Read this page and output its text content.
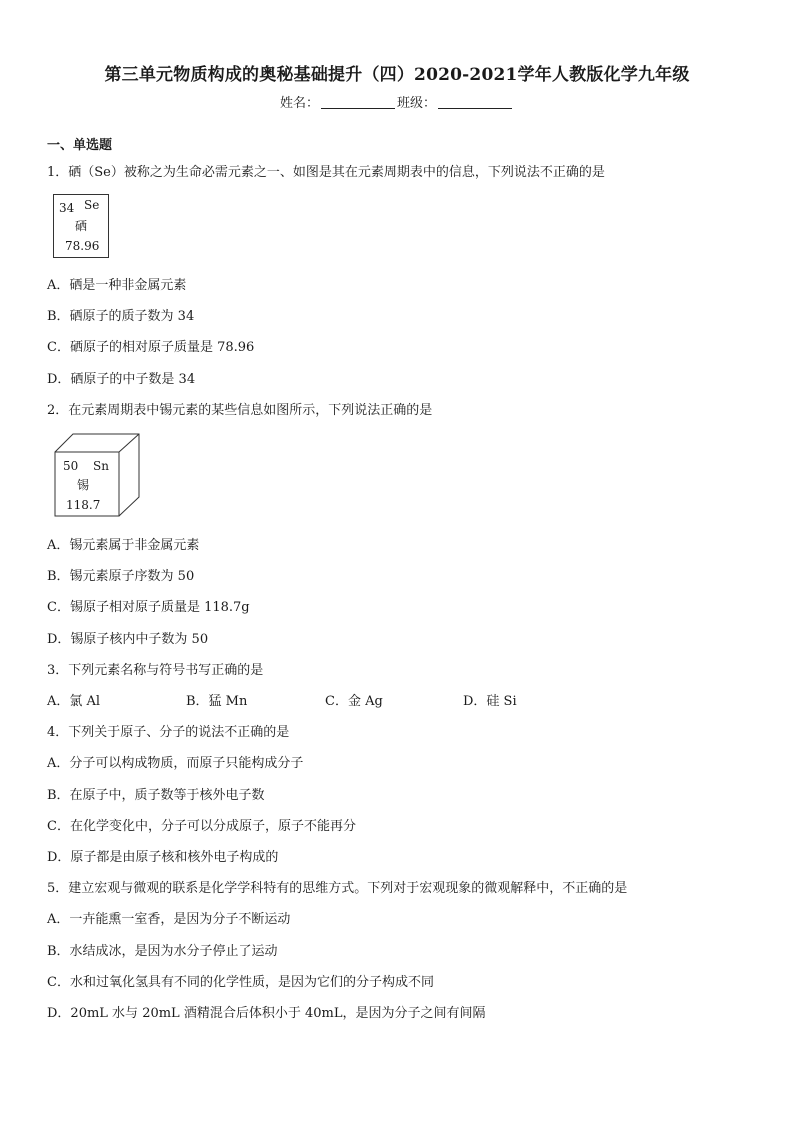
第三单元物质构成的奥秘基础提升（四）2020-2021学年人教版化学九年级
姓名：	班级：
一、单选题
1．硒（Se）被称之为生命必需元素之一、如图是其在元素周期表中的信息，下列说法不正确的是
34 Se
硒
78.96
A．硒是一种非金属元素
B．硒原子的质子数为 34
C．硒原子的相对原子质量是 78.96
D．硒原子的中子数是 34
2．在元素周期表中锡元素的某些信息如图所示，下列说法正确的是
50 Sn
锡
118.7
A．锡元素属于非金属元素
B．锡元素原子序数为 50
C．锡原子相对原子质量是 118.7g
D．锡原子核内中子数为 50
3．下列元素名称与符号书写正确的是
A．氯 Al	B．猛 Mn	C．金 Ag	D．硅 Si
4．下列关于原子、分子的说法不正确的是
A．分子可以构成物质，而原子只能构成分子
B．在原子中，质子数等于核外电子数
C．在化学变化中，分子可以分成原子，原子不能再分
D．原子都是由原子核和核外电子构成的
5．建立宏观与微观的联系是化学学科特有的思维方式。下列对于宏观现象的微观解释中，不正确的是
A．一卉能熏一室香，是因为分子不断运动
B．水结成冰，是因为水分子停止了运动
C．水和过氧化氢具有不同的化学性质，是因为它们的分子构成不同
D．20mL 水与 20mL 酒精混合后体积小于 40mL，是因为分子之间有间隔
